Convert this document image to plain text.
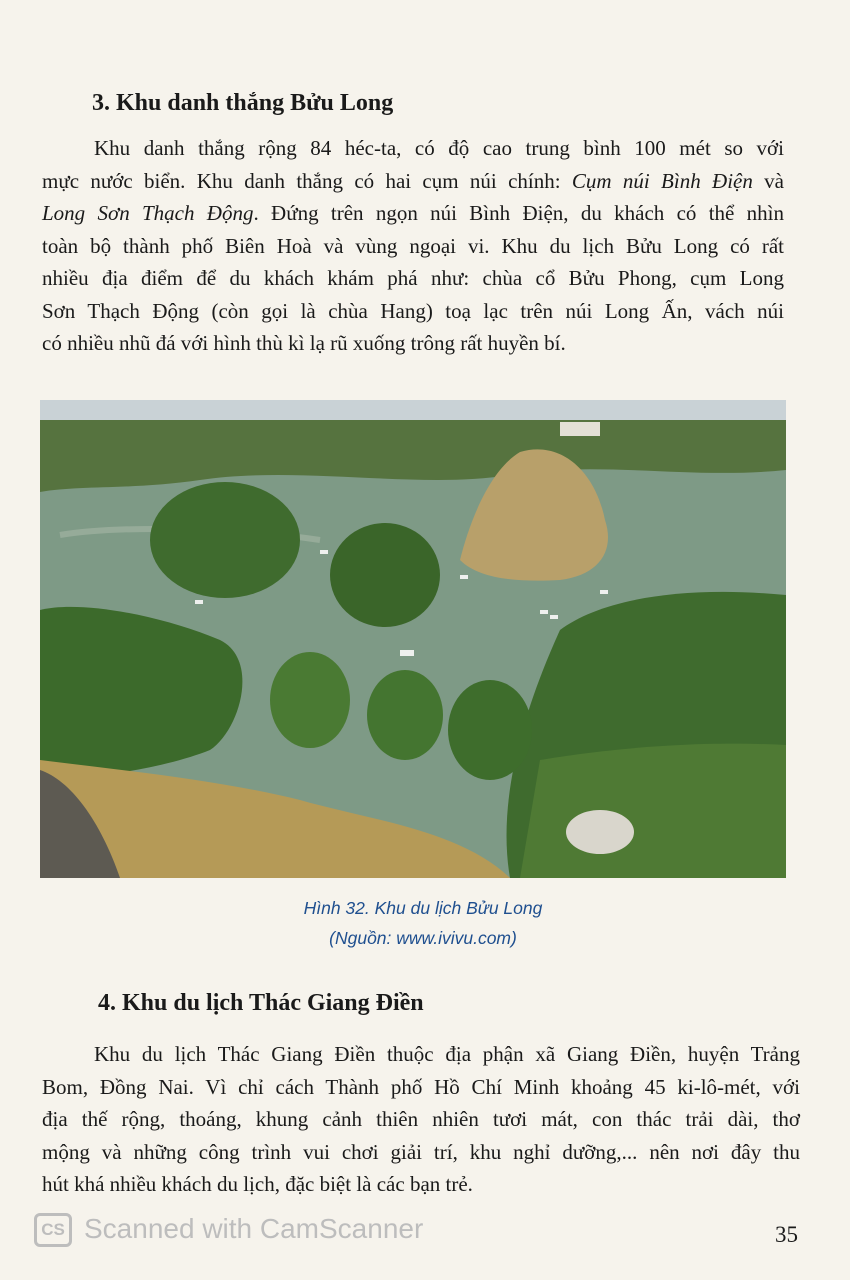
3. Khu danh thắng Bửu Long
Khu danh thắng rộng 84 héc-ta, có độ cao trung bình 100 mét so với
mực nước biển. Khu danh thắng có hai cụm núi chính: Cụm núi Bình Điện và
Long Sơn Thạch Động. Đứng trên ngọn núi Bình Điện, du khách có thể nhìn
toàn bộ thành phố Biên Hoà và vùng ngoại vi. Khu du lịch Bửu Long có rất
nhiều địa điểm để du khách khám phá như: chùa cổ Bửu Phong, cụm Long
Sơn Thạch Động (còn gọi là chùa Hang) toạ lạc trên núi Long Ấn, vách núi
có nhiều nhũ đá với hình thù kì lạ rũ xuống trông rất huyền bí.
Hình 32. Khu du lịch Bửu Long
(Nguồn: www.ivivu.com)
4. Khu du lịch Thác Giang Điền
Khu du lịch Thác Giang Điền thuộc địa phận xã Giang Điền, huyện Trảng
Bom, Đồng Nai. Vì chỉ cách Thành phố Hồ Chí Minh khoảng 45 ki-lô-mét, với
địa thế rộng, thoáng, khung cảnh thiên nhiên tươi mát, con thác trải dài, thơ
mộng và những công trình vui chơi giải trí, khu nghỉ dưỡng,... nên nơi đây thu
hút khá nhiều khách du lịch, đặc biệt là các bạn trẻ.
CS Scanned with CamScanner	35
